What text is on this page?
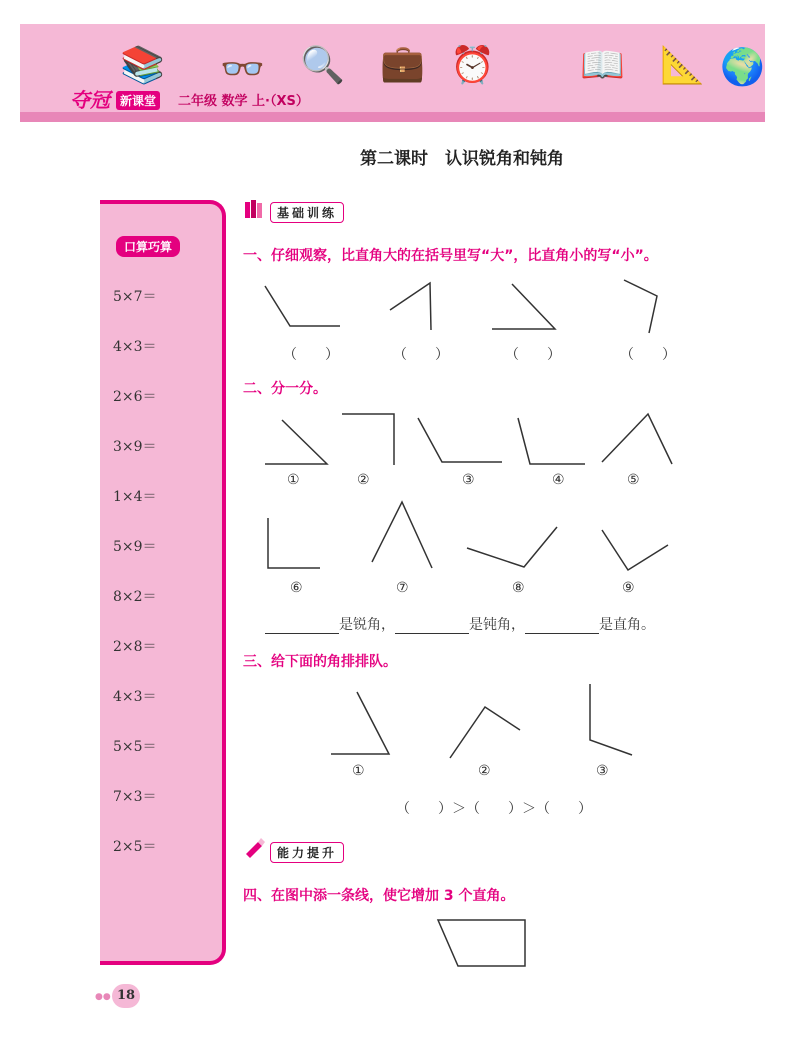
📚 👓 🔍 💼 ⏰ 📖 📐 🌍
夺冠 新课堂	二年级 数学 上·（XS）
第二课时　认识锐角和钝角
口算巧算
5×7＝
4×3＝
2×6＝
3×9＝
1×4＝
5×9＝
8×2＝
2×8＝
4×3＝
5×5＝
7×3＝
2×5＝
基础训练
一、仔细观察，比直角大的在括号里写“大”，比直角小的写“小”。
二、分一分。
三、给下面的角排排队。
能力提升
四、在图中添一条线，使它增加 3 个直角。
（　　）	（　　）	（　　）	（　　）
①	②	③	④	⑤
⑥	⑦	⑧	⑨
是锐角，	是钝角，	是直角。
①	②	③
（　　）＞（　　）＞（　　）
●● 18
